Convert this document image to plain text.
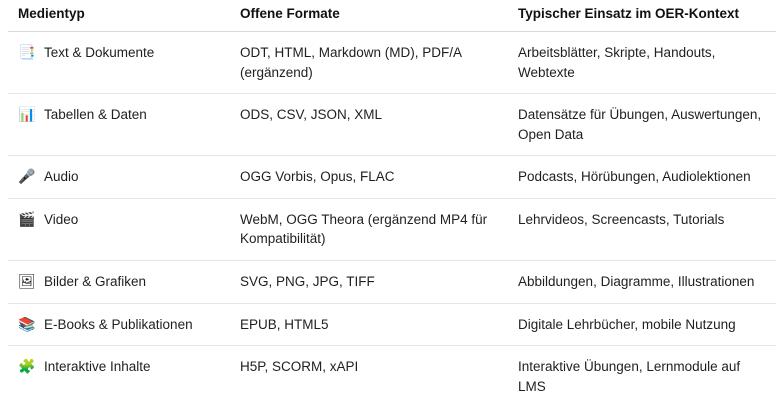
Medientyp	Offene Formate	Typischer Einsatz im OER-Kontext

📑 Text & Dokumente	ODT, HTML, Markdown (MD), PDF/A (ergänzend)	Arbeitsblätter, Skripte, Handouts, Webtexte

📊 Tabellen & Daten	ODS, CSV, JSON, XML	Datensätze für Übungen, Auswertungen, Open Data

🎤 Audio	OGG Vorbis, Opus, FLAC	Podcasts, Hörübungen, Audiolektionen

🎬 Video	WebM, OGG Theora (ergänzend MP4 für Kompatibilität)	Lehrvideos, Screencasts, Tutorials

🖼 Bilder & Grafiken	SVG, PNG, JPG, TIFF	Abbildungen, Diagramme, Illustrationen

📚 E-Books & Publikationen	EPUB, HTML5	Digitale Lehrbücher, mobile Nutzung

🧩 Interaktive Inhalte	H5P, SCORM, xAPI	Interaktive Übungen, Lernmodule auf LMS
